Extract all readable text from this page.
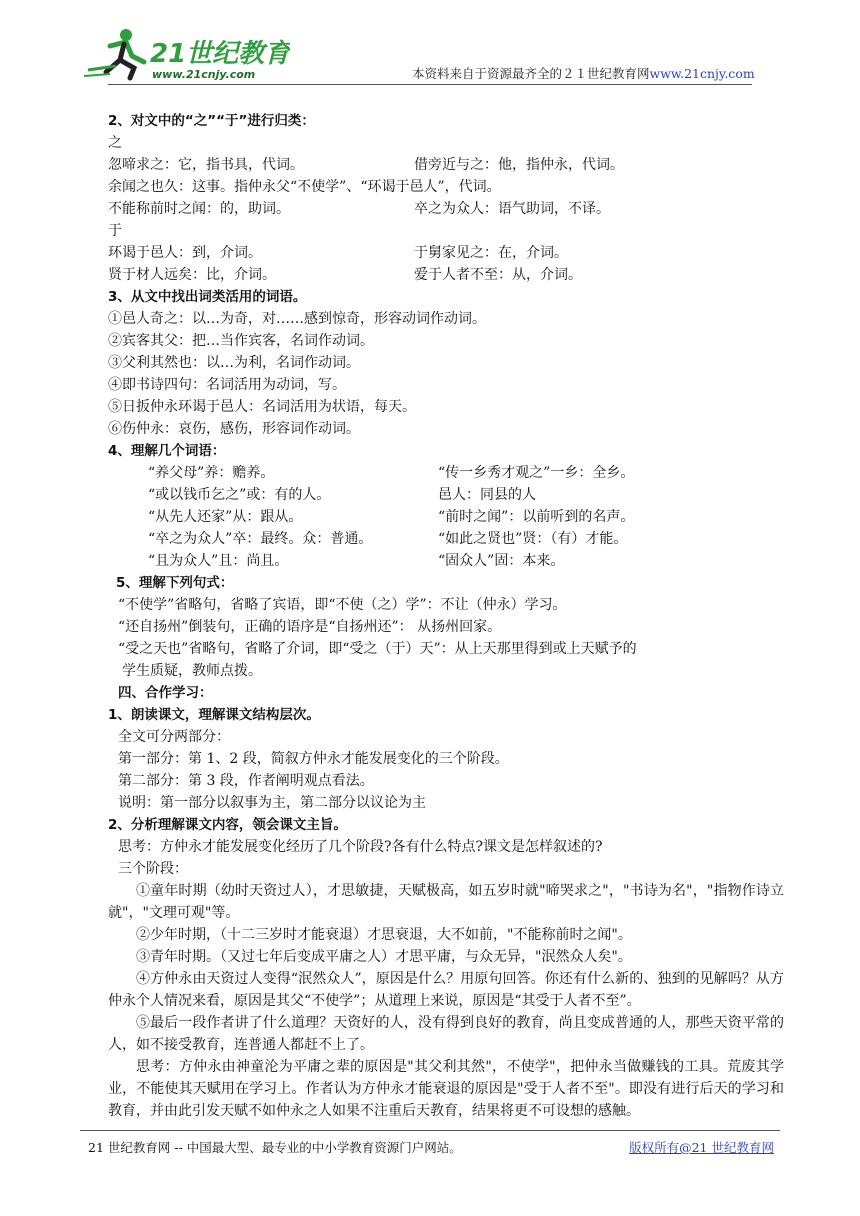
21世纪教育
www.21cnjy.com	本资料来自于资源最齐全的２１世纪教育网www.21cnjy.com
2、对文中的“之”“于”进行归类：
之
忽啼求之：它，指书具，代词。	借旁近与之：他，指仲永，代词。
余闻之也久：这事。指仲永父“不使学”、“环谒于邑人”，代词。
不能称前时之闻：的，助词。	卒之为众人：语气助词，不译。
于
环谒于邑人：到，介词。	于舅家见之：在，介词。
贤于材人远矣：比，介词。	爱于人者不至：从，介词。
3、从文中找出词类活用的词语。
①邑人奇之：以…为奇，对……感到惊奇，形容动词作动词。
②宾客其父：把…当作宾客，名词作动词。
③父利其然也：以…为利，名词作动词。
④即书诗四句：名词活用为动词，写。
⑤日扳仲永环谒于邑人：名词活用为状语，每天。
⑥伤仲永：哀伤，感伤，形容词作动词。
4、理解几个词语：
“养父母”养：赡养。	“传一乡秀才观之”一乡：全乡。
“或以钱币乞之”或：有的人。	邑人：同县的人
“从先人还家”从：跟从。	“前时之闻”：以前听到的名声。
“卒之为众人”卒：最终。众：普通。	“如此之贤也”贤：（有）才能。
“且为众人”且：尚且。	“固众人”固：本来。
5、理解下列句式：
“不使学”省略句，省略了宾语，即“不使（之）学”：不让（仲永）学习。
“还自扬州”倒装句，正确的语序是“自扬州还”： 从扬州回家。
“受之天也”省略句，省略了介词，即“受之（于）天”：从上天那里得到或上天赋予的
学生质疑，教师点拨。
四、合作学习：
1、朗读课文，理解课文结构层次。
全文可分两部分：
第一部分：第 1、2 段，简叙方仲永才能发展变化的三个阶段。
第二部分：第 3 段，作者阐明观点看法。
说明：第一部分以叙事为主，第二部分以议论为主
2、分析理解课文内容，领会课文主旨。
思考：方仲永才能发展变化经历了几个阶段?各有什么特点?课文是怎样叙述的?
三个阶段：
①童年时期（幼时天资过人），才思敏捷，天赋极高，如五岁时就"啼哭求之"，"书诗为名"，"指物作诗立就"，"文理可观"等。
②少年时期，（十二三岁时才能衰退）才思衰退，大不如前，"不能称前时之闻"。
③青年时期。（又过七年后变成平庸之人）才思平庸，与众无异，"泯然众人矣"。
④方仲永由天资过人变得“泯然众人”，原因是什么？用原句回答。你还有什么新的、独到的见解吗？从方仲永个人情况来看，原因是其父“不使学”；从道理上来说，原因是“其受于人者不至”。
⑤最后一段作者讲了什么道理？天资好的人，没有得到良好的教育，尚且变成普通的人，那些天资平常的人，如不接受教育，连普通人都赶不上了。
思考：方仲永由神童沦为平庸之辈的原因是"其父利其然"，不使学"，把仲永当做赚钱的工具。荒废其学业，不能使其天赋用在学习上。作者认为方仲永才能衰退的原因是"受于人者不至"。即没有进行后天的学习和教育，并由此引发天赋不如仲永之人如果不注重后天教育，结果将更不可设想的感触。
21 世纪教育网 -- 中国最大型、最专业的中小学教育资源门户网站。	版权所有@21 世纪教育网
